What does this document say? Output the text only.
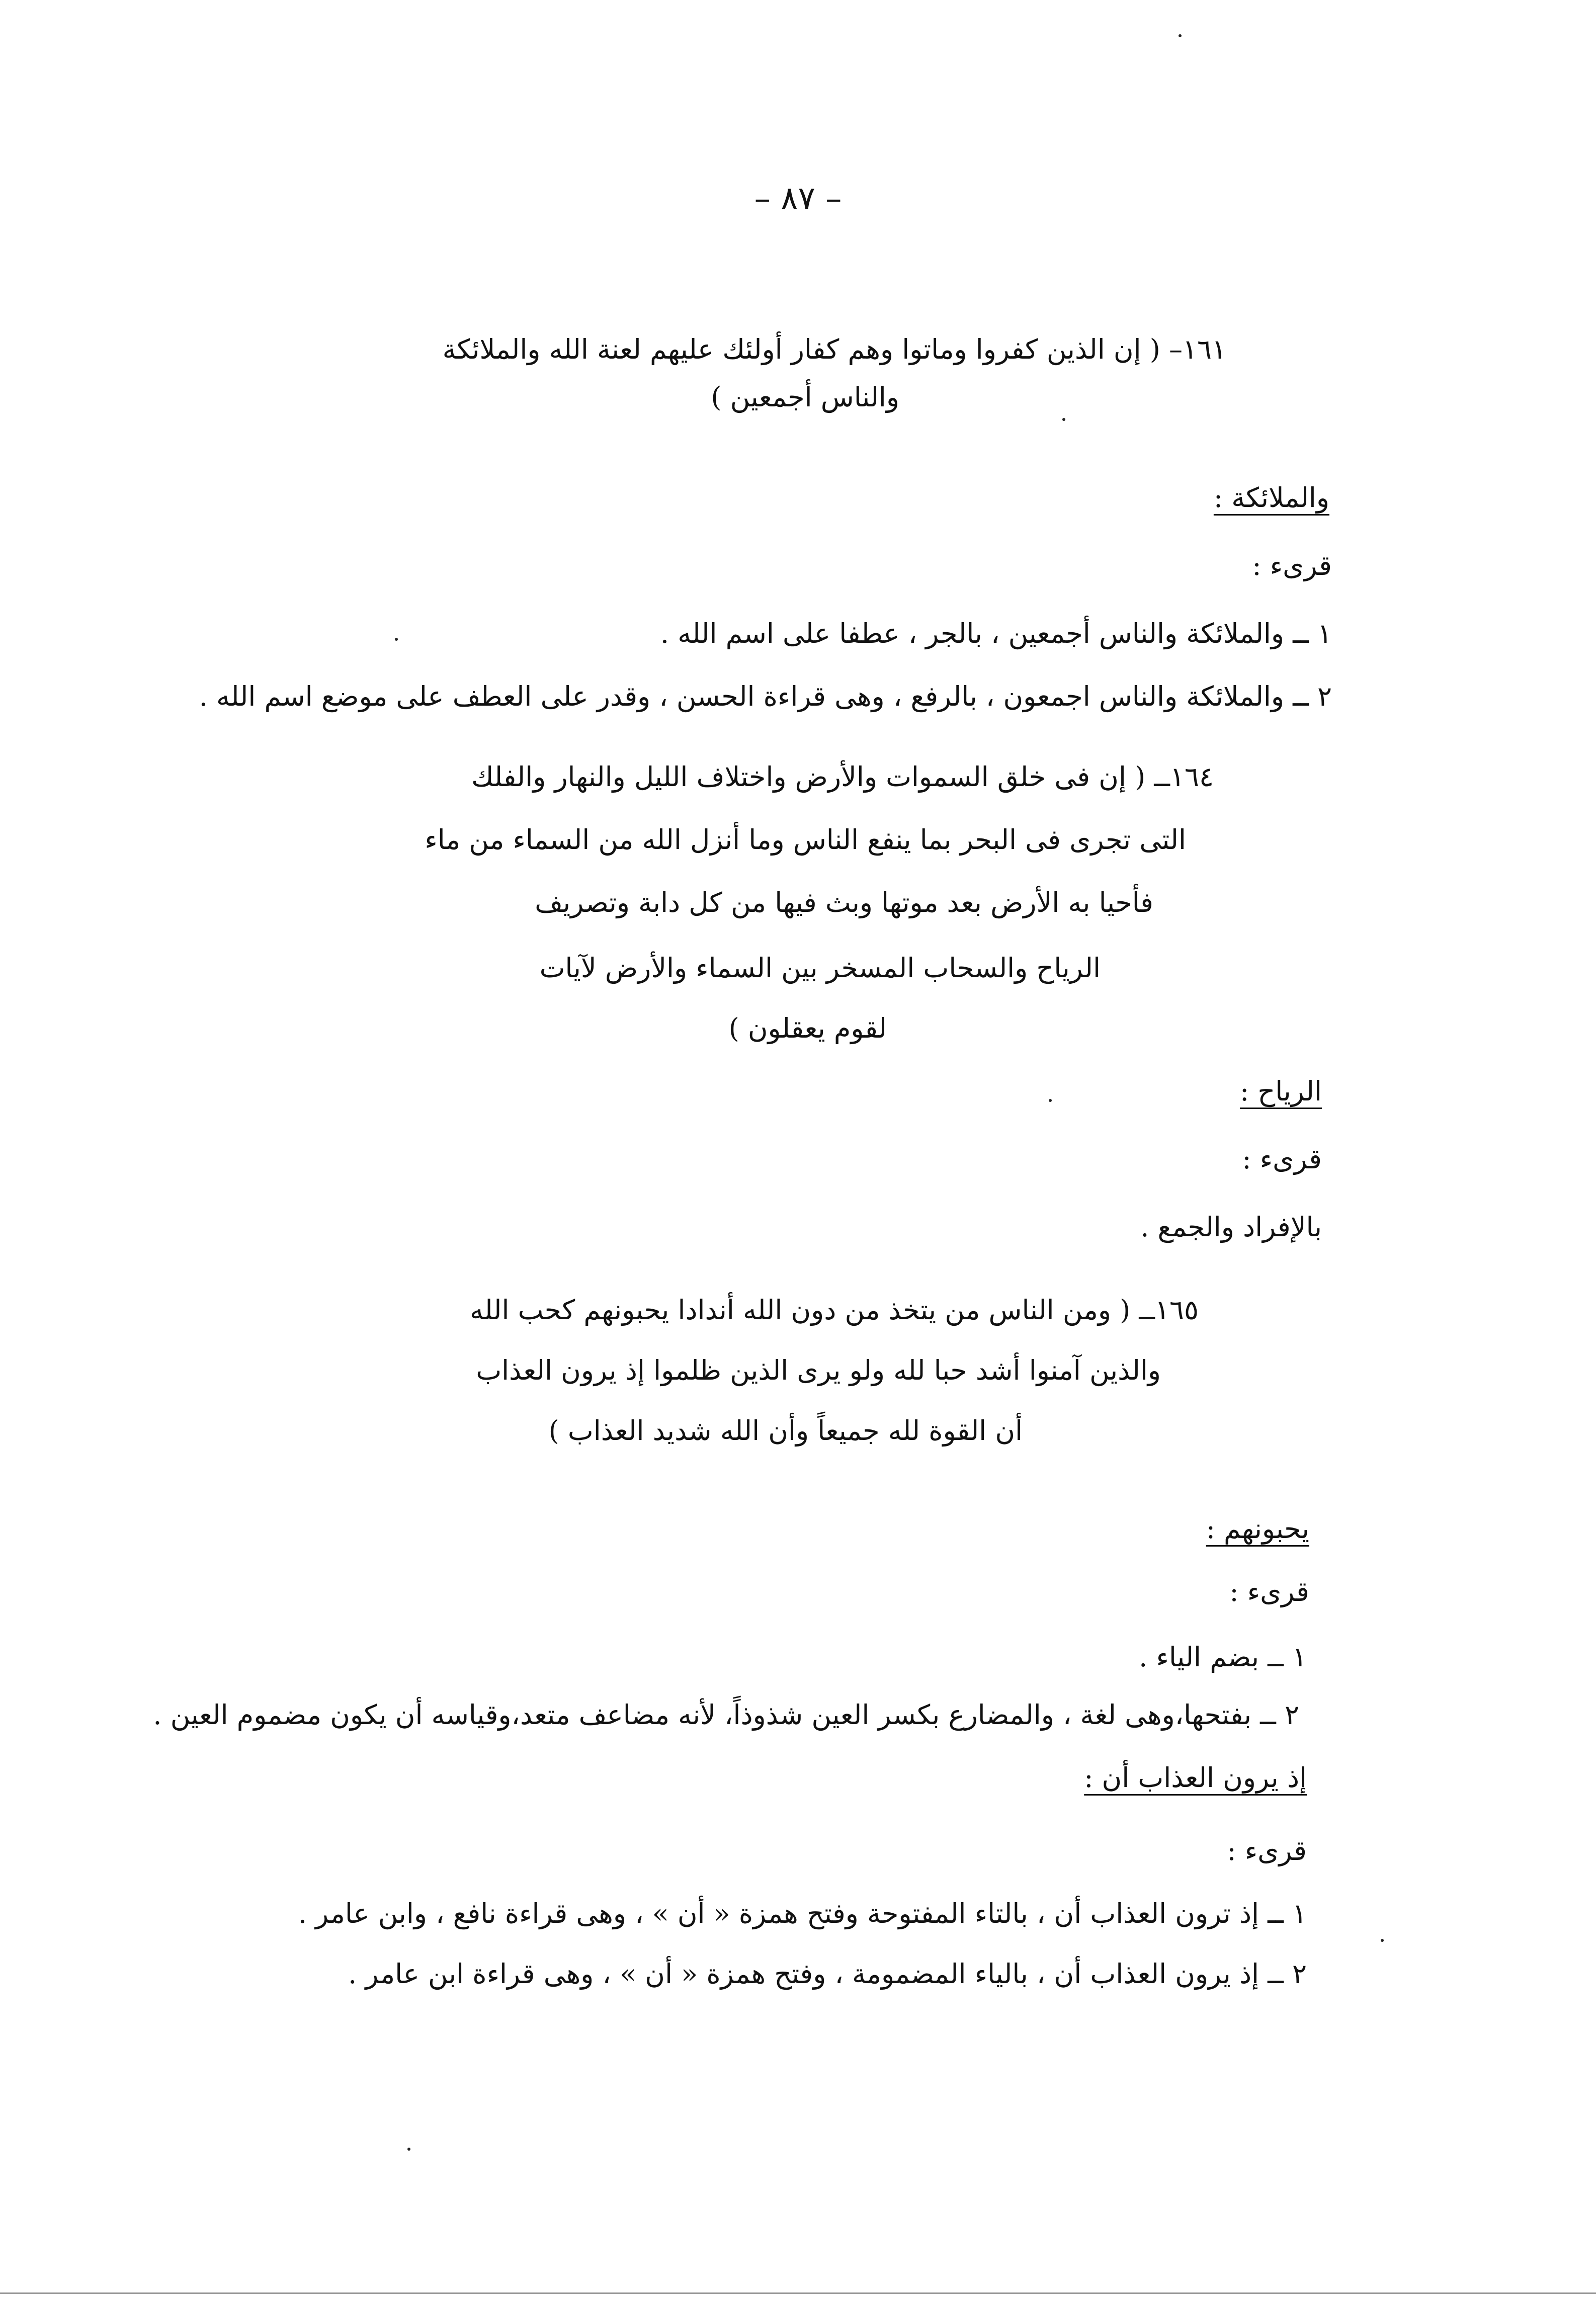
– ٨٧ –
١٦١– ( إن الذين كفروا وماتوا وهم كفار أولئك عليهم لعنة الله والملائكة
والناس أجمعين )
والملائكة :
قرىء :
١ ــ والملائكة والناس أجمعين ، بالجر ، عطفا على اسم الله .
٢ ــ والملائكة والناس اجمعون ، بالرفع ، وهى قراءة الحسن ، وقدر على العطف على موضع اسم الله .
١٦٤ــ ( إن فى خلق السموات والأرض واختلاف الليل والنهار والفلك
التى تجرى فى البحر بما ينفع الناس وما أنزل الله من السماء من ماء
فأحيا به الأرض بعد موتها وبث فيها من كل دابة وتصريف
الرياح والسحاب المسخر بين السماء والأرض لآيات
لقوم يعقلون )
الرياح :
قرىء :
بالإفراد والجمع .
١٦٥ــ ( ومن الناس من يتخذ من دون الله أندادا يحبونهم كحب الله
والذين آمنوا أشد حبا لله ولو يرى الذين ظلموا إذ يرون العذاب
أن القوة لله جميعاً وأن الله شديد العذاب )
يحبونهم :
قرىء :
١ ــ بضم الياء .
٢ ــ بفتحها،وهى لغة ، والمضارع بكسر العين شذوذاً، لأنه مضاعف متعد،وقياسه أن يكون مضموم العين .
إذ يرون العذاب أن :
قرىء :
١ ــ إذ ترون العذاب أن ، بالتاء المفتوحة وفتح همزة « أن » ، وهى قراءة نافع ، وابن عامر .
٢ ــ إذ يرون العذاب أن ، بالياء المضمومة ، وفتح همزة « أن » ، وهى قراءة ابن عامر .
